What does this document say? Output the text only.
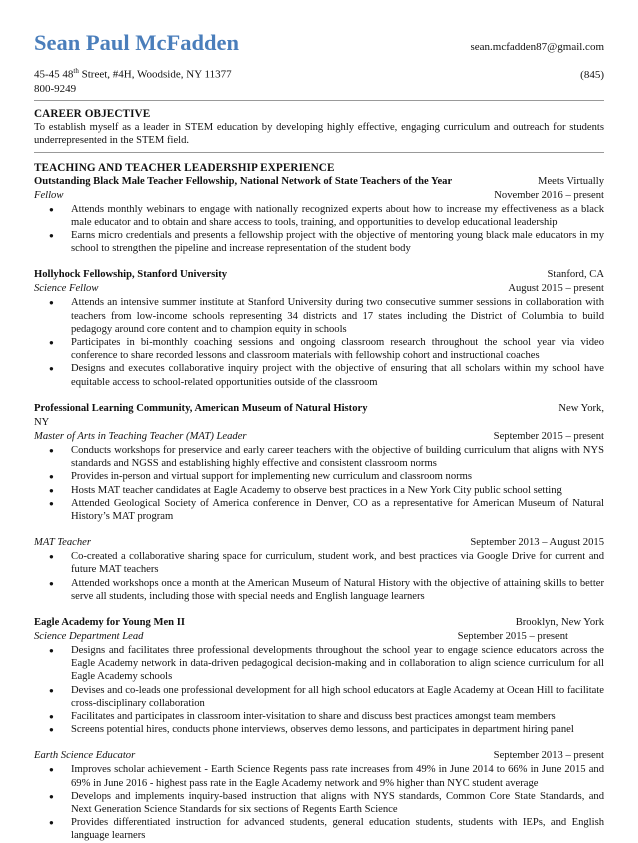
Sean Paul McFadden	sean.mcfadden87@gmail.com
45-45 48th Street, #4H, Woodside, NY 11377	(845)
800-9249
CAREER OBJECTIVE
To establish myself as a leader in STEM education by developing highly effective, engaging curriculum and outreach for students underrepresented in the STEM field.
TEACHING AND TEACHER LEADERSHIP EXPERIENCE
Outstanding Black Male Teacher Fellowship, National Network of State Teachers of the Year	Meets Virtually
Fellow	November 2016 – present
● Attends monthly webinars to engage with nationally recognized experts about how to increase my effectiveness as a black male educator and to obtain and share access to tools, training, and opportunities to develop educational leadership
● Earns micro credentials and presents a fellowship project with the objective of mentoring young black male educators in my school to strengthen the pipeline and increase representation of the student body
Hollyhock Fellowship, Stanford University	Stanford, CA
Science Fellow	August 2015 – present
● Attends an intensive summer institute at Stanford University during two consecutive summer sessions in collaboration with teachers from low-income schools representing 34 districts and 17 states including the District of Columbia to build pedagogy around core content and to champion equity in schools
● Participates in bi-monthly coaching sessions and ongoing classroom research throughout the school year via video conference to share recorded lessons and classroom materials with fellowship cohort and instructional coaches
● Designs and executes collaborative inquiry project with the objective of ensuring that all scholars within my school have equitable access to school-related opportunities outside of the classroom
Professional Learning Community, American Museum of Natural History	New York,
NY
Master of Arts in Teaching Teacher (MAT) Leader	September 2015 – present
● Conducts workshops for preservice and early career teachers with the objective of building curriculum that aligns with NYS standards and NGSS and establishing highly effective and consistent classroom norms
● Provides in-person and virtual support for implementing new curriculum and classroom norms
● Hosts MAT teacher candidates at Eagle Academy to observe best practices in a New York City public school setting
● Attended Geological Society of America conference in Denver, CO as a representative for American Museum of Natural History’s MAT program
MAT Teacher	September 2013 – August 2015
● Co-created a collaborative sharing space for curriculum, student work, and best practices via Google Drive for current and future MAT teachers
● Attended workshops once a month at the American Museum of Natural History with the objective of attaining skills to better serve all students, including those with special needs and English language learners
Eagle Academy for Young Men II	Brooklyn, New York
Science Department Lead	September 2015 – present
● Designs and facilitates three professional developments throughout the school year to engage science educators across the Eagle Academy network in data-driven pedagogical decision-making and in collaboration to align science curriculum for all Eagle Academy schools
● Devises and co-leads one professional development for all high school educators at Eagle Academy at Ocean Hill to facilitate cross-disciplinary collaboration
● Facilitates and participates in classroom inter-visitation to share and discuss best practices amongst team members
● Screens potential hires, conducts phone interviews, observes demo lessons, and participates in department hiring panel
Earth Science Educator	September 2013 – present
● Improves scholar achievement - Earth Science Regents pass rate increases from 49% in June 2014 to 66% in June 2015 and 69% in June 2016 - highest pass rate in the Eagle Academy network and 9% higher than NYC student average
● Develops and implements inquiry-based instruction that aligns with NYS standards, Common Core State Standards, and Next Generation Science Standards for six sections of Regents Earth Science
● Provides differentiated instruction for advanced students, general education students, students with IEPs, and English language learners
